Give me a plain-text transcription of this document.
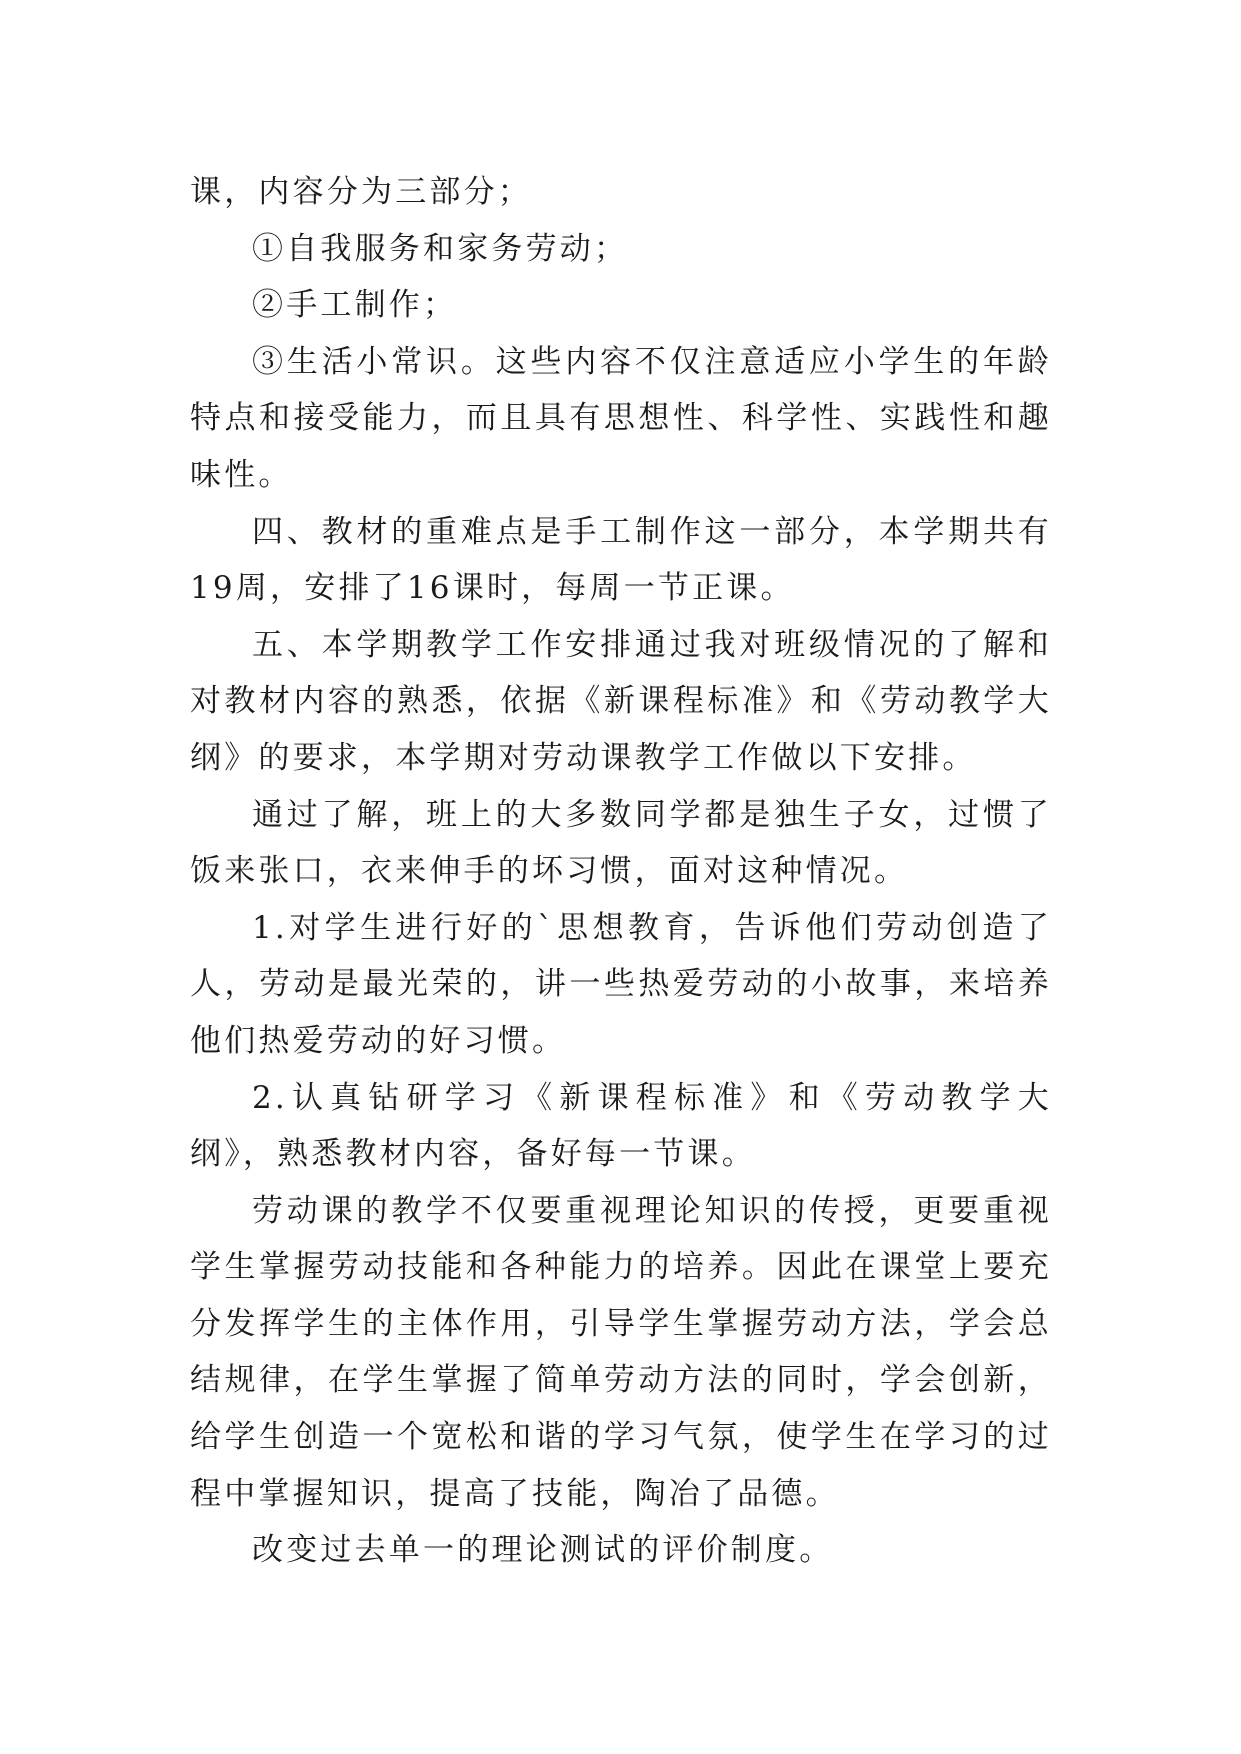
课，内容分为三部分；

①自我服务和家务劳动；

②手工制作；

③生活小常识。这些内容不仅注意适应小学生的年龄特点和接受能力，而且具有思想性、科学性、实践性和趣味性。

四、教材的重难点是手工制作这一部分，本学期共有19周，安排了16课时，每周一节正课。

五、本学期教学工作安排通过我对班级情况的了解和对教材内容的熟悉，依据《新课程标准》和《劳动教学大纲》的要求，本学期对劳动课教学工作做以下安排。

通过了解，班上的大多数同学都是独生子女，过惯了饭来张口，衣来伸手的坏习惯，面对这种情况。

1.对学生进行好的`思想教育，告诉他们劳动创造了人，劳动是最光荣的，讲一些热爱劳动的小故事，来培养他们热爱劳动的好习惯。

2.认真钻研学习《新课程标准》和《劳动教学大纲》，熟悉教材内容，备好每一节课。

劳动课的教学不仅要重视理论知识的传授，更要重视学生掌握劳动技能和各种能力的培养。因此在课堂上要充分发挥学生的主体作用，引导学生掌握劳动方法，学会总结规律，在学生掌握了简单劳动方法的同时，学会创新，给学生创造一个宽松和谐的学习气氛，使学生在学习的过程中掌握知识，提高了技能，陶冶了品德。

改变过去单一的理论测试的评价制度。
